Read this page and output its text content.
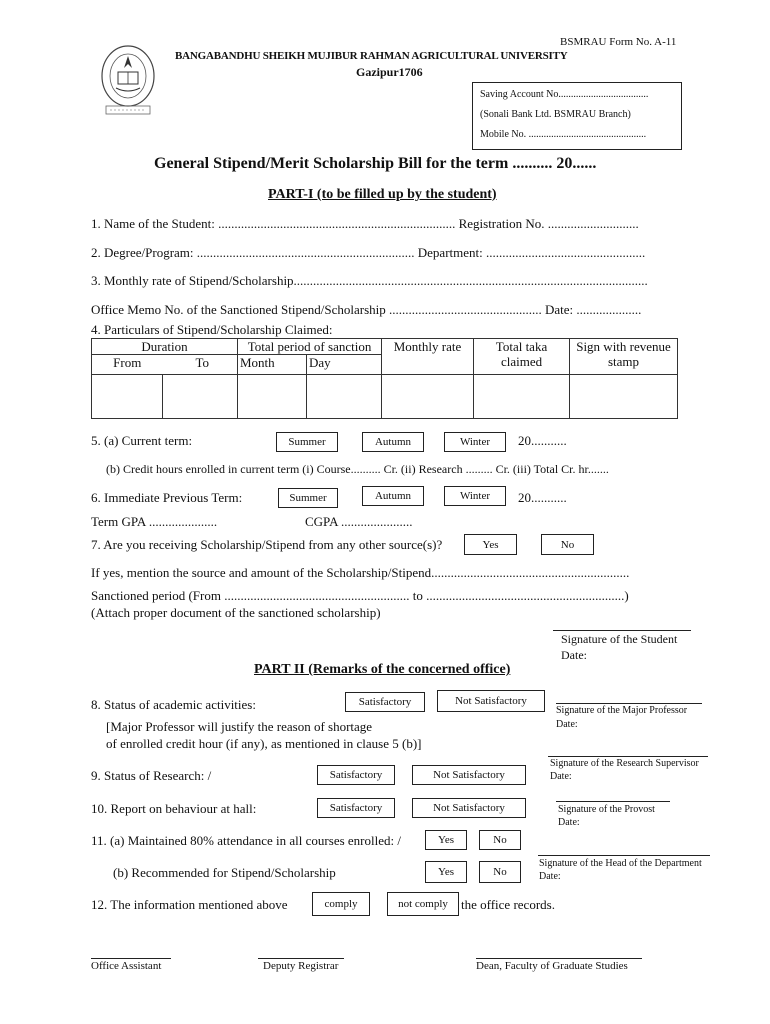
BSMRAU Form No. A-11
BANGABANDHU SHEIKH MUJIBUR RAHMAN AGRICULTURAL UNIVERSITY
Gazipur1706
Saving Account No....................................
(Sonali Bank Ltd. BSMRAU Branch)
Mobile No. ...............................................
General Stipend/Merit Scholarship Bill for the term .......... 20......
PART-I (to be filled up by the student)
1. Name of the Student: ......................................................................... Registration No. ............................
2. Degree/Program: ................................................................... Department: .................................................
3. Monthly rate of Stipend/Scholarship.............................................................................................................
Office Memo No. of the Sanctioned Stipend/Scholarship ............................................... Date: ....................
4. Particulars of Stipend/Scholarship Claimed:
Duration		Total period of sanction		Monthly rate	Total taka claimed	Sign with revenue stamp
From	To	Month	Day			

5. (a) Current term:	Summer	Autumn	Winter	20...........
(b) Credit hours enrolled in current term (i) Course.......... Cr. (ii) Research ......... Cr. (iii) Total Cr. hr.......
6. Immediate Previous Term:	Summer	Autumn	Winter	20...........
Term GPA .....................	CGPA ......................
7. Are you receiving Scholarship/Stipend from any other source(s)?	Yes	No
If yes, mention the source and amount of the Scholarship/Stipend.............................................................
Sanctioned period (From ......................................................... to .............................................................)
(Attach proper document of the sanctioned scholarship)
Signature of the Student
Date:
PART II (Remarks of the concerned office)
8. Status of academic activities:	Satisfactory	Not Satisfactory
[Major Professor will justify the reason of shortage
of enrolled credit hour (if any), as mentioned in clause 5 (b)]
Signature of the Major Professor
Date:
9. Status of Research: /	Satisfactory	Not Satisfactory
Signature of the Research Supervisor
Date:
10. Report on behaviour at hall:	Satisfactory	Not Satisfactory	Signature of the Provost
Date:
11. (a) Maintained 80% attendance in all courses enrolled: /	Yes	No
(b) Recommended for Stipend/Scholarship	Yes	No
Signature of the Head of the Department
Date:
12. The information mentioned above	comply	not comply	the office records.
Office Assistant	Deputy Registrar	Dean, Faculty of Graduate Studies
